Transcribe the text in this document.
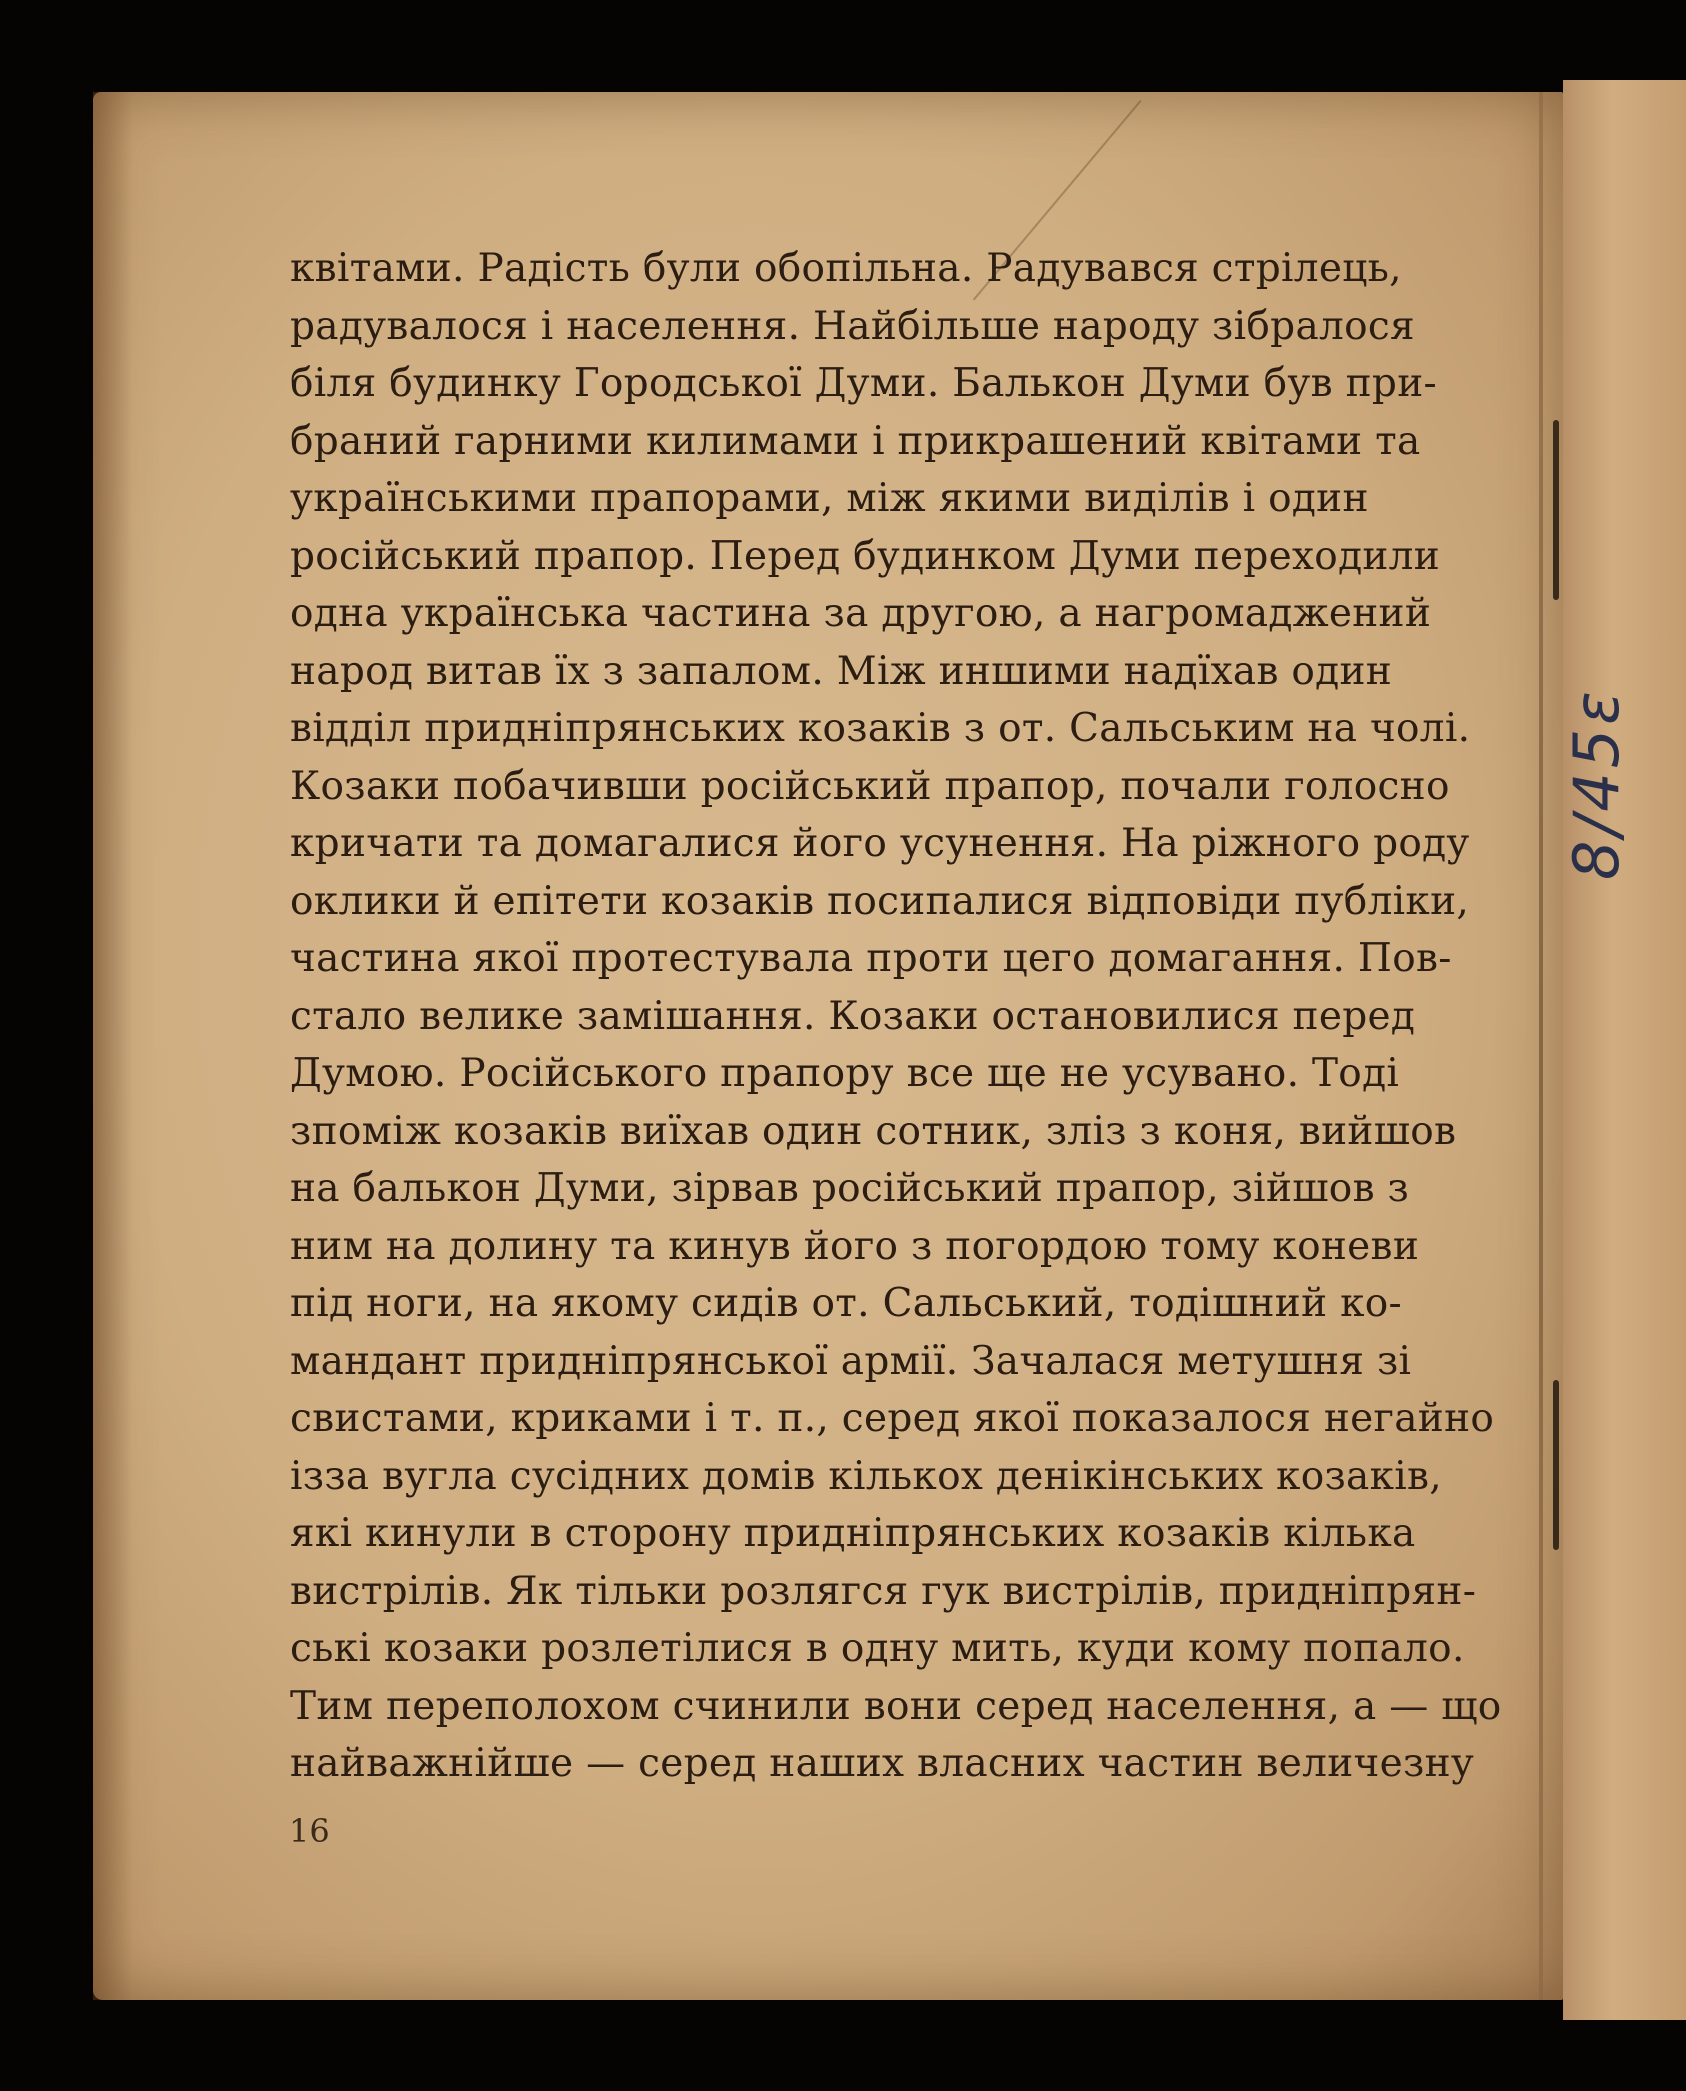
квітами. Радість були обопільна. Радувався стрілець,
радувалося і населення. Найбільше народу зібралося
біля будинку Городської Думи. Балькон Думи був при-
браний гарними килимами і прикрашений квітами та
українськими прапорами, між якими виділів і один
російський прапор. Перед будинком Думи переходили
одна українська частина за другою, а нагромаджений
народ витав їх з запалом. Між иншими надїхав один
відділ придніпрянських козаків з от. Сальським на чолі.
Козаки побачивши російський прапор, почали голосно
кричати та домагалися його усунення. На ріжного роду
оклики й епітети козаків посипалися відповіди публіки,
частина якої протестувала проти цего домагання. Пов-
стало велике замішання. Козаки остановилися перед
Думою. Російського прапору все ще не усувано. Тоді
зпоміж козаків виїхав один сотник, зліз з коня, вийшов
на балькон Думи, зірвав російський прапор, зійшов з
ним на долину та кинув його з погордою тому коневи
під ноги, на якому сидів от. Сальський, тодішний ко-
мандант придніпрянської армії. Зачалася метушня зі
свистами, криками і т. п., серед якої показалося негайно
ізза вугла сусідних домів кількох денікінських козаків,
які кинули в сторону придніпрянських козаків кілька
вистрілів. Як тільки розлягся гук вистрілів, придніпрян-
ські козаки розлетілися в одну мить, куди кому попало.
Тим переполохом счинили вони серед населення, а — що
найважнійше — серед наших власних частин величезну
16
8/45ε
